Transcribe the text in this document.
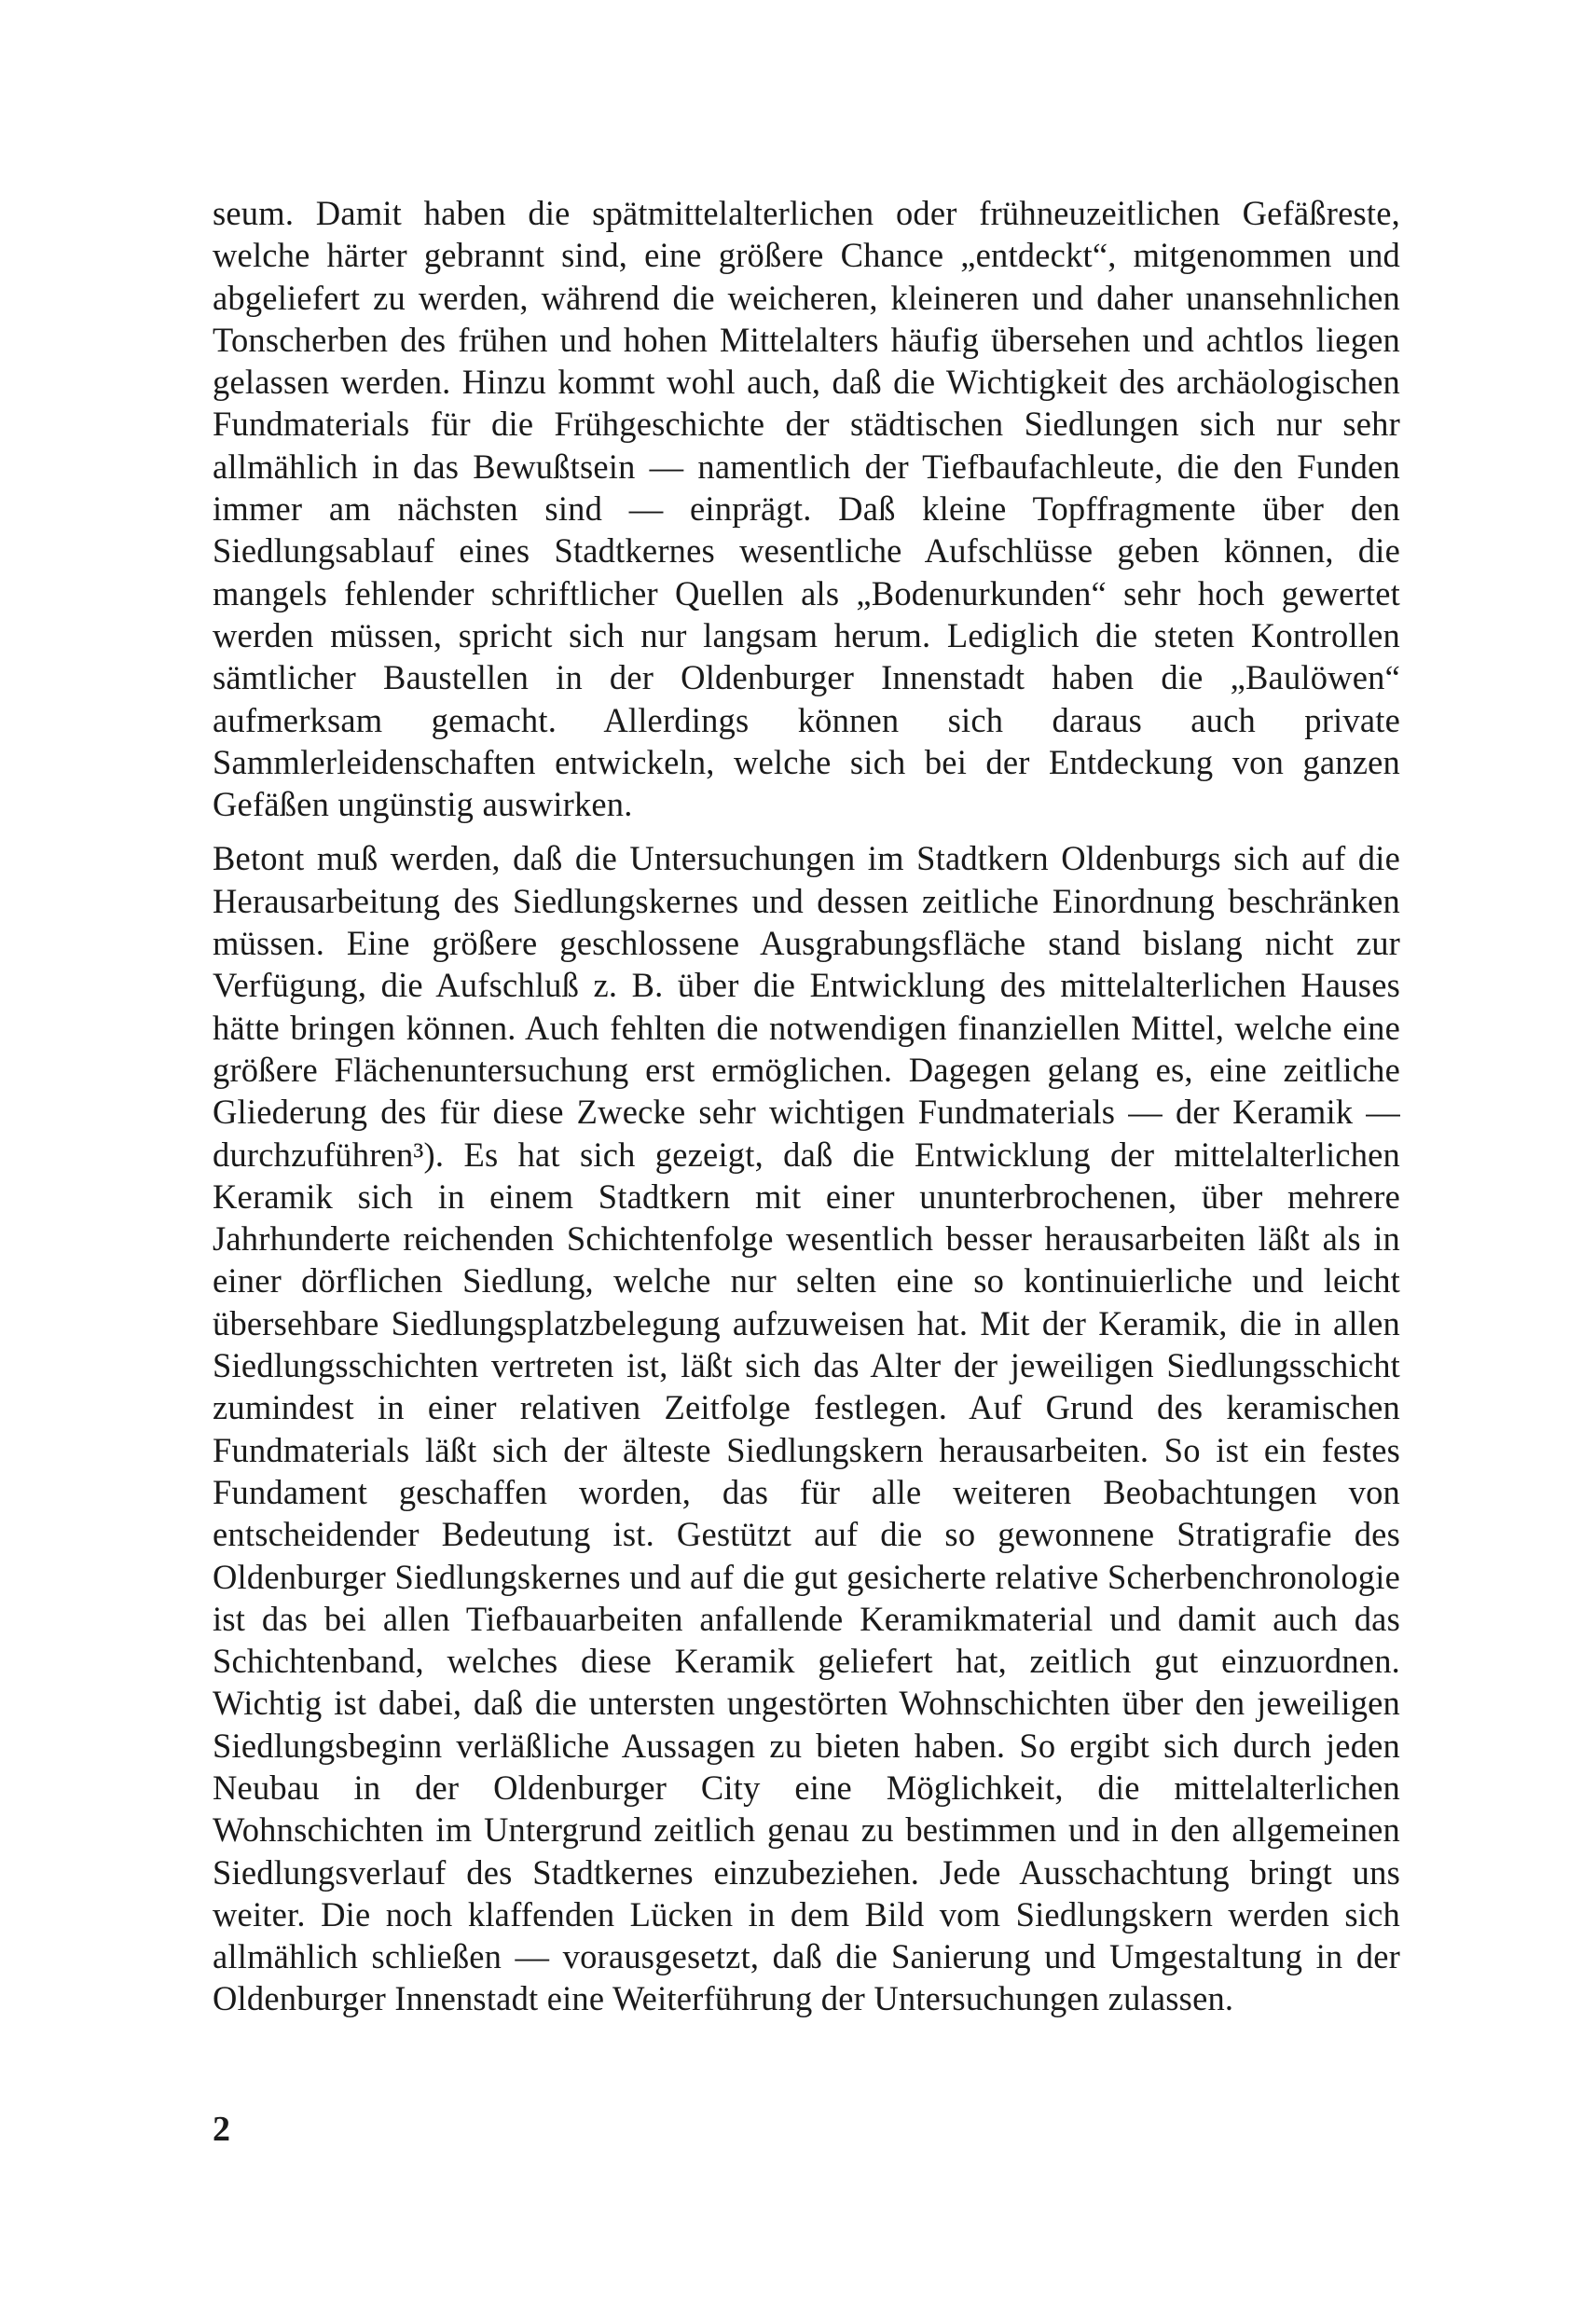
seum. Damit haben die spätmittelalterlichen oder frühneuzeitlichen Gefäßreste, welche härter gebrannt sind, eine größere Chance „entdeckt“, mitgenommen und abgeliefert zu werden, während die weicheren, kleineren und daher unansehnlichen Tonscherben des frühen und hohen Mittelalters häufig übersehen und achtlos liegen gelassen werden. Hinzu kommt wohl auch, daß die Wichtigkeit des archäologischen Fundmaterials für die Frühgeschichte der städtischen Siedlungen sich nur sehr allmählich in das Bewußtsein — namentlich der Tiefbaufachleute, die den Funden immer am nächsten sind — einprägt. Daß kleine Topffragmente über den Siedlungsablauf eines Stadtkernes wesentliche Aufschlüsse geben können, die mangels fehlender schriftlicher Quellen als „Bodenurkunden“ sehr hoch gewertet werden müssen, spricht sich nur langsam herum. Lediglich die steten Kontrollen sämtlicher Baustellen in der Oldenburger Innenstadt haben die „Baulöwen“ aufmerksam gemacht. Allerdings können sich daraus auch private Sammlerleidenschaften entwickeln, welche sich bei der Entdeckung von ganzen Gefäßen ungünstig auswirken.

Betont muß werden, daß die Untersuchungen im Stadtkern Oldenburgs sich auf die Herausarbeitung des Siedlungskernes und dessen zeitliche Einordnung beschränken müssen. Eine größere geschlossene Ausgrabungsfläche stand bislang nicht zur Verfügung, die Aufschluß z. B. über die Entwicklung des mittelalterlichen Hauses hätte bringen können. Auch fehlten die notwendigen finanziellen Mittel, welche eine größere Flächenuntersuchung erst ermöglichen. Dagegen gelang es, eine zeitliche Gliederung des für diese Zwecke sehr wichtigen Fundmaterials — der Keramik — durchzuführen³). Es hat sich gezeigt, daß die Entwicklung der mittelalterlichen Keramik sich in einem Stadtkern mit einer ununterbrochenen, über mehrere Jahrhunderte reichenden Schichtenfolge wesentlich besser herausarbeiten läßt als in einer dörflichen Siedlung, welche nur selten eine so kontinuierliche und leicht übersehbare Siedlungsplatzbelegung aufzuweisen hat. Mit der Keramik, die in allen Siedlungsschichten vertreten ist, läßt sich das Alter der jeweiligen Siedlungsschicht zumindest in einer relativen Zeitfolge festlegen. Auf Grund des keramischen Fundmaterials läßt sich der älteste Siedlungskern herausarbeiten. So ist ein festes Fundament geschaffen worden, das für alle weiteren Beobachtungen von entscheidender Bedeutung ist. Gestützt auf die so gewonnene Stratigrafie des Oldenburger Siedlungskernes und auf die gut gesicherte relative Scherbenchronologie ist das bei allen Tiefbauarbeiten anfallende Keramikmaterial und damit auch das Schichtenband, welches diese Keramik geliefert hat, zeitlich gut einzuordnen. Wichtig ist dabei, daß die untersten ungestörten Wohnschichten über den jeweiligen Siedlungsbeginn verläßliche Aussagen zu bieten haben. So ergibt sich durch jeden Neubau in der Oldenburger City eine Möglichkeit, die mittelalterlichen Wohnschichten im Untergrund zeitlich genau zu bestimmen und in den allgemeinen Siedlungsverlauf des Stadtkernes einzubeziehen. Jede Ausschachtung bringt uns weiter. Die noch klaffenden Lücken in dem Bild vom Siedlungskern werden sich allmählich schließen — vorausgesetzt, daß die Sanierung und Umgestaltung in der Oldenburger Innenstadt eine Weiterführung der Untersuchungen zulassen.

2
